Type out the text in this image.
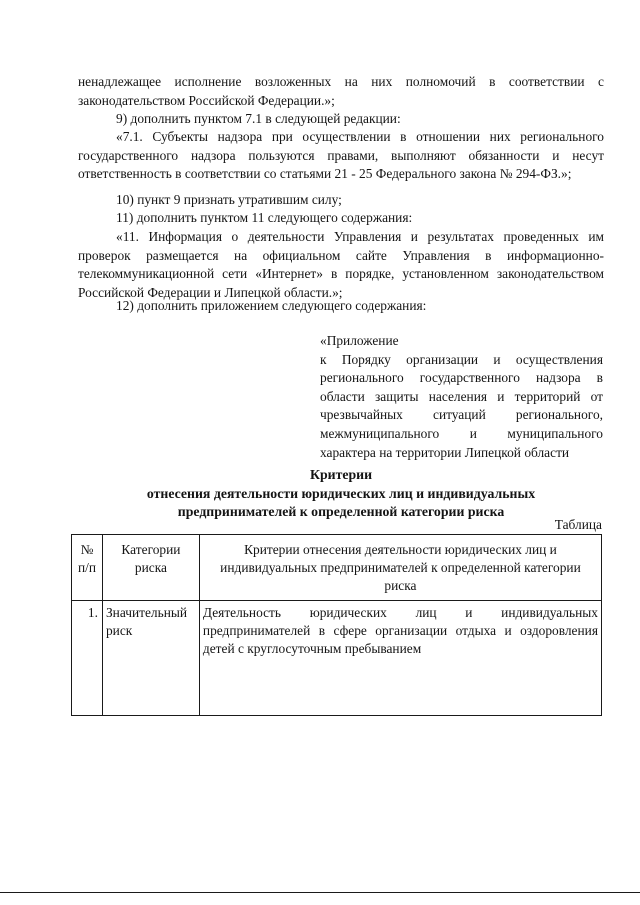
ненадлежащее исполнение возложенных на них полномочий в соответствии с законодательством Российской Федерации.»;

9) дополнить пунктом 7.1 в следующей редакции:

«7.1. Субъекты надзора при осуществлении в отношении них регионального государственного надзора пользуются правами, выполняют обязанности и несут ответственность в соответствии со статьями 21 - 25 Федерального закона № 294-ФЗ.»;

10) пункт 9 признать утратившим силу;

11) дополнить пунктом 11 следующего содержания:

«11. Информация о деятельности Управления и результатах проведенных им проверок размещается на официальном сайте Управления в информационно-телекоммуникационной сети «Интернет» в порядке, установленном законодательством Российской Федерации и Липецкой области.»;

12) дополнить приложением следующего содержания:

«Приложение
к Порядку организации и осуществления регионального государственного надзора в области защиты населения и территорий от чрезвычайных ситуаций регионального, межмуниципального и муниципального характера на территории Липецкой области
Критерии
отнесения деятельности юридических лиц и индивидуальных
предпринимателей к определенной категории риска
Таблица
№ п/п	Категории риска	Критерии отнесения деятельности юридических лиц и индивидуальных предпринимателей к определенной категории риска
1.	Значительный риск	Деятельность юридических лиц и индивидуальных предпринимателей в сфере организации отдыха и оздоровления детей с круглосуточным пребыванием
